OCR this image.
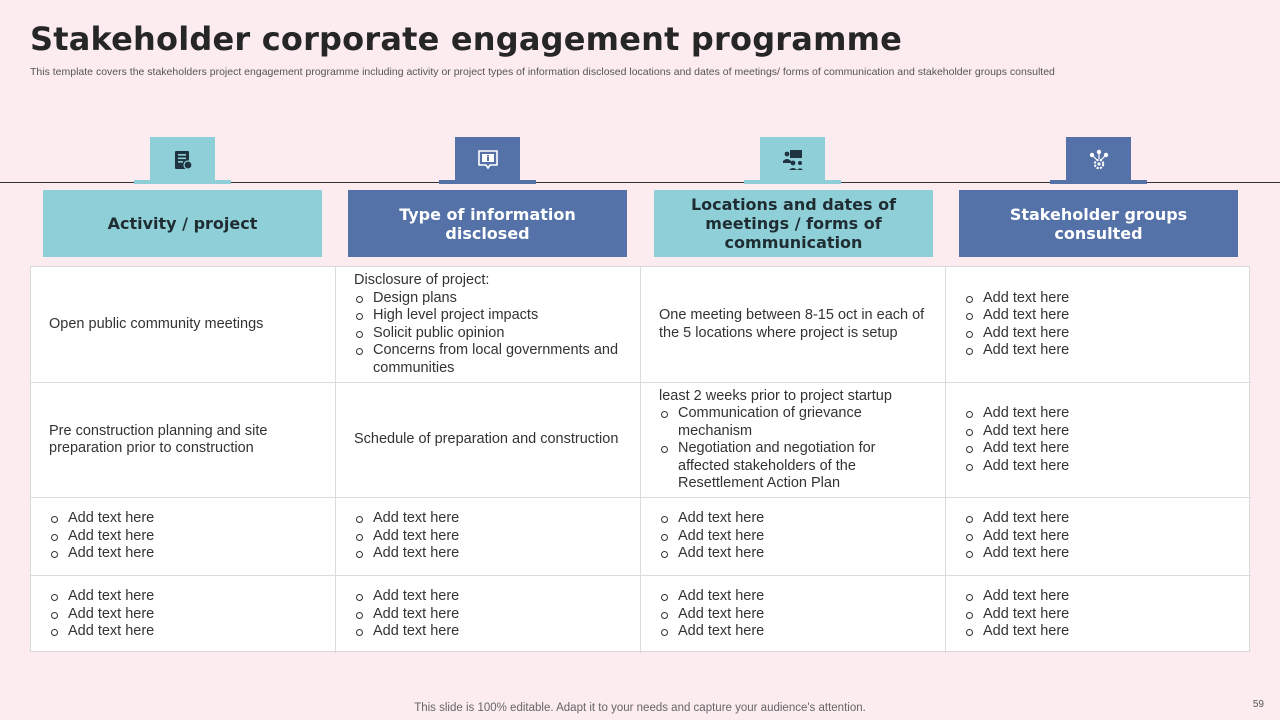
Stakeholder corporate engagement programme
This template covers the stakeholders project engagement programme including activity or project types of information disclosed locations and dates of meetings/ forms of communication and stakeholder groups consulted
Activity / project	Type of information disclosed
Locations and dates of meetings / forms of communication
Stakeholder groups consulted
Open public community meetings
Disclosure of project:
Design plans
High level project impacts
Solicit public opinion
Concerns from local governments and communities
One meeting between 8-15 oct in each of the 5 locations where project is setup
Add text here
Add text here
Add text here
Add text here
Pre construction planning and site preparation prior to construction
Schedule of preparation and construction
least 2 weeks prior to project startup
Communication of grievance mechanism
Negotiation and negotiation for affected stakeholders of the Resettlement Action Plan
Add text here
Add text here
Add text here
Add text here
Add text here
Add text here
Add text here
Add text here
Add text here
Add text here
Add text here
Add text here
Add text here
Add text here
Add text here
Add text here
Add text here
Add text here
Add text here
Add text here
Add text here
Add text here
Add text here
Add text here
Add text here
Add text here
Add text here
Add text here
This slide is 100% editable. Adapt it to your needs and capture your audience's attention.	59
